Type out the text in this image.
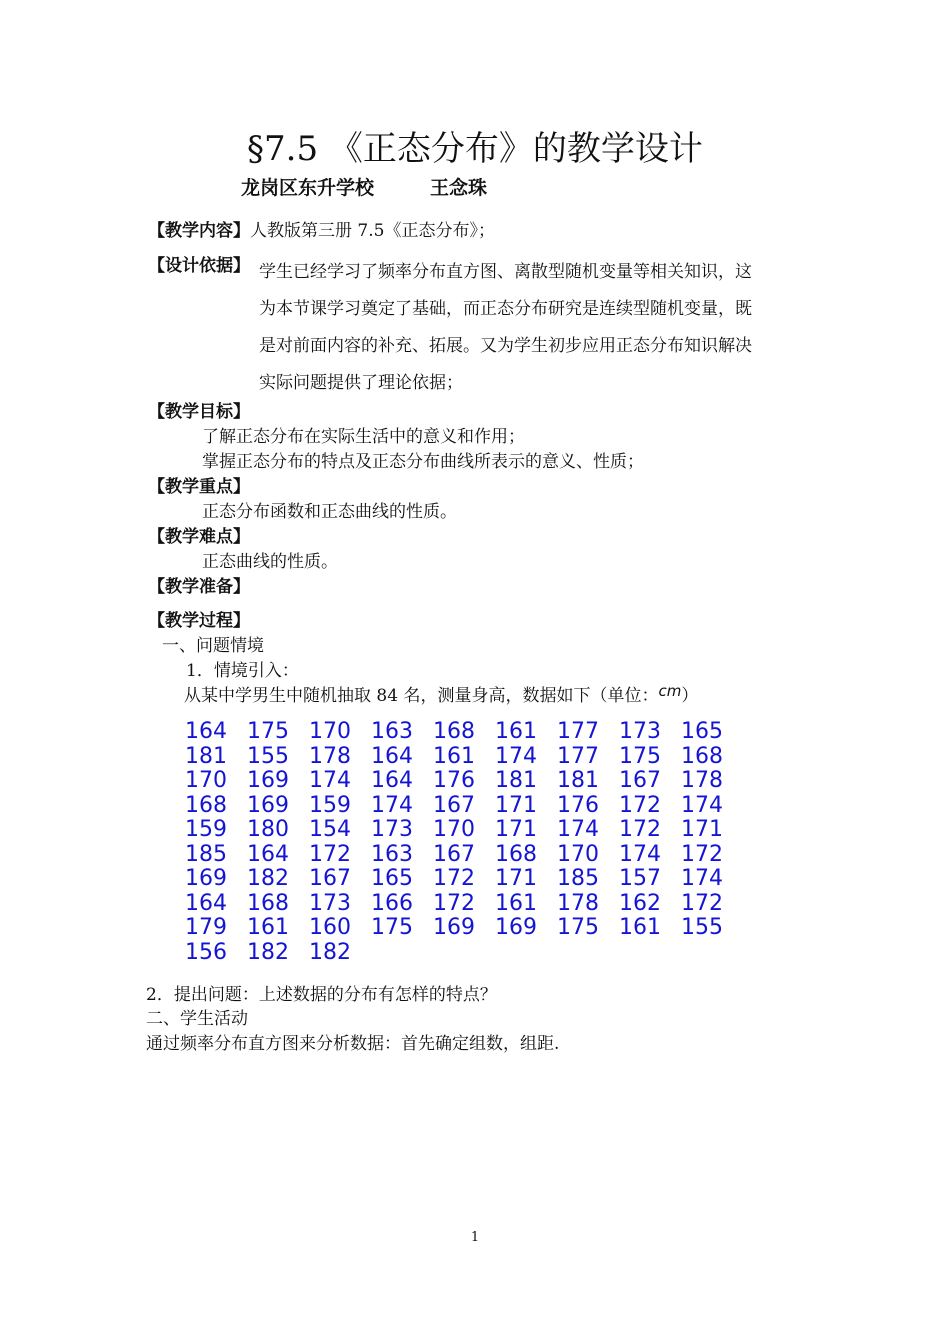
§7.5 《正态分布》的教学设计
龙岗区东升学校	王念珠
【教学内容】人教版第三册 7.5《正态分布》；
【设计依据】 学生已经学习了频率分布直方图、离散型随机变量等相关知识，这
为本节课学习奠定了基础，而正态分布研究是连续型随机变量，既
是对前面内容的补充、拓展。又为学生初步应用正态分布知识解决
实际问题提供了理论依据；
【教学目标】
了解正态分布在实际生活中的意义和作用；
掌握正态分布的特点及正态分布曲线所表示的意义、性质；
【教学重点】
正态分布函数和正态曲线的性质。
【教学难点】
正态曲线的性质。
【教学准备】
【教学过程】
一、问题情境
1．情境引入：
从某中学男生中随机抽取 84 名，测量身高，数据如下（单位：cm）
164 175 170 163 168 161 177 173 165
181 155 178 164 161 174 177 175 168
170 169 174 164 176 181 181 167 178
168 169 159 174 167 171 176 172 174
159 180 154 173 170 171 174 172 171
185 164 172 163 167 168 170 174 172
169 182 167 165 172 171 185 157 174
164 168 173 166 172 161 178 162 172
179 161 160 175 169 169 175 161 155
156 182 182
2．提出问题：上述数据的分布有怎样的特点？
二、学生活动
通过频率分布直方图来分析数据：首先确定组数，组距.
1
